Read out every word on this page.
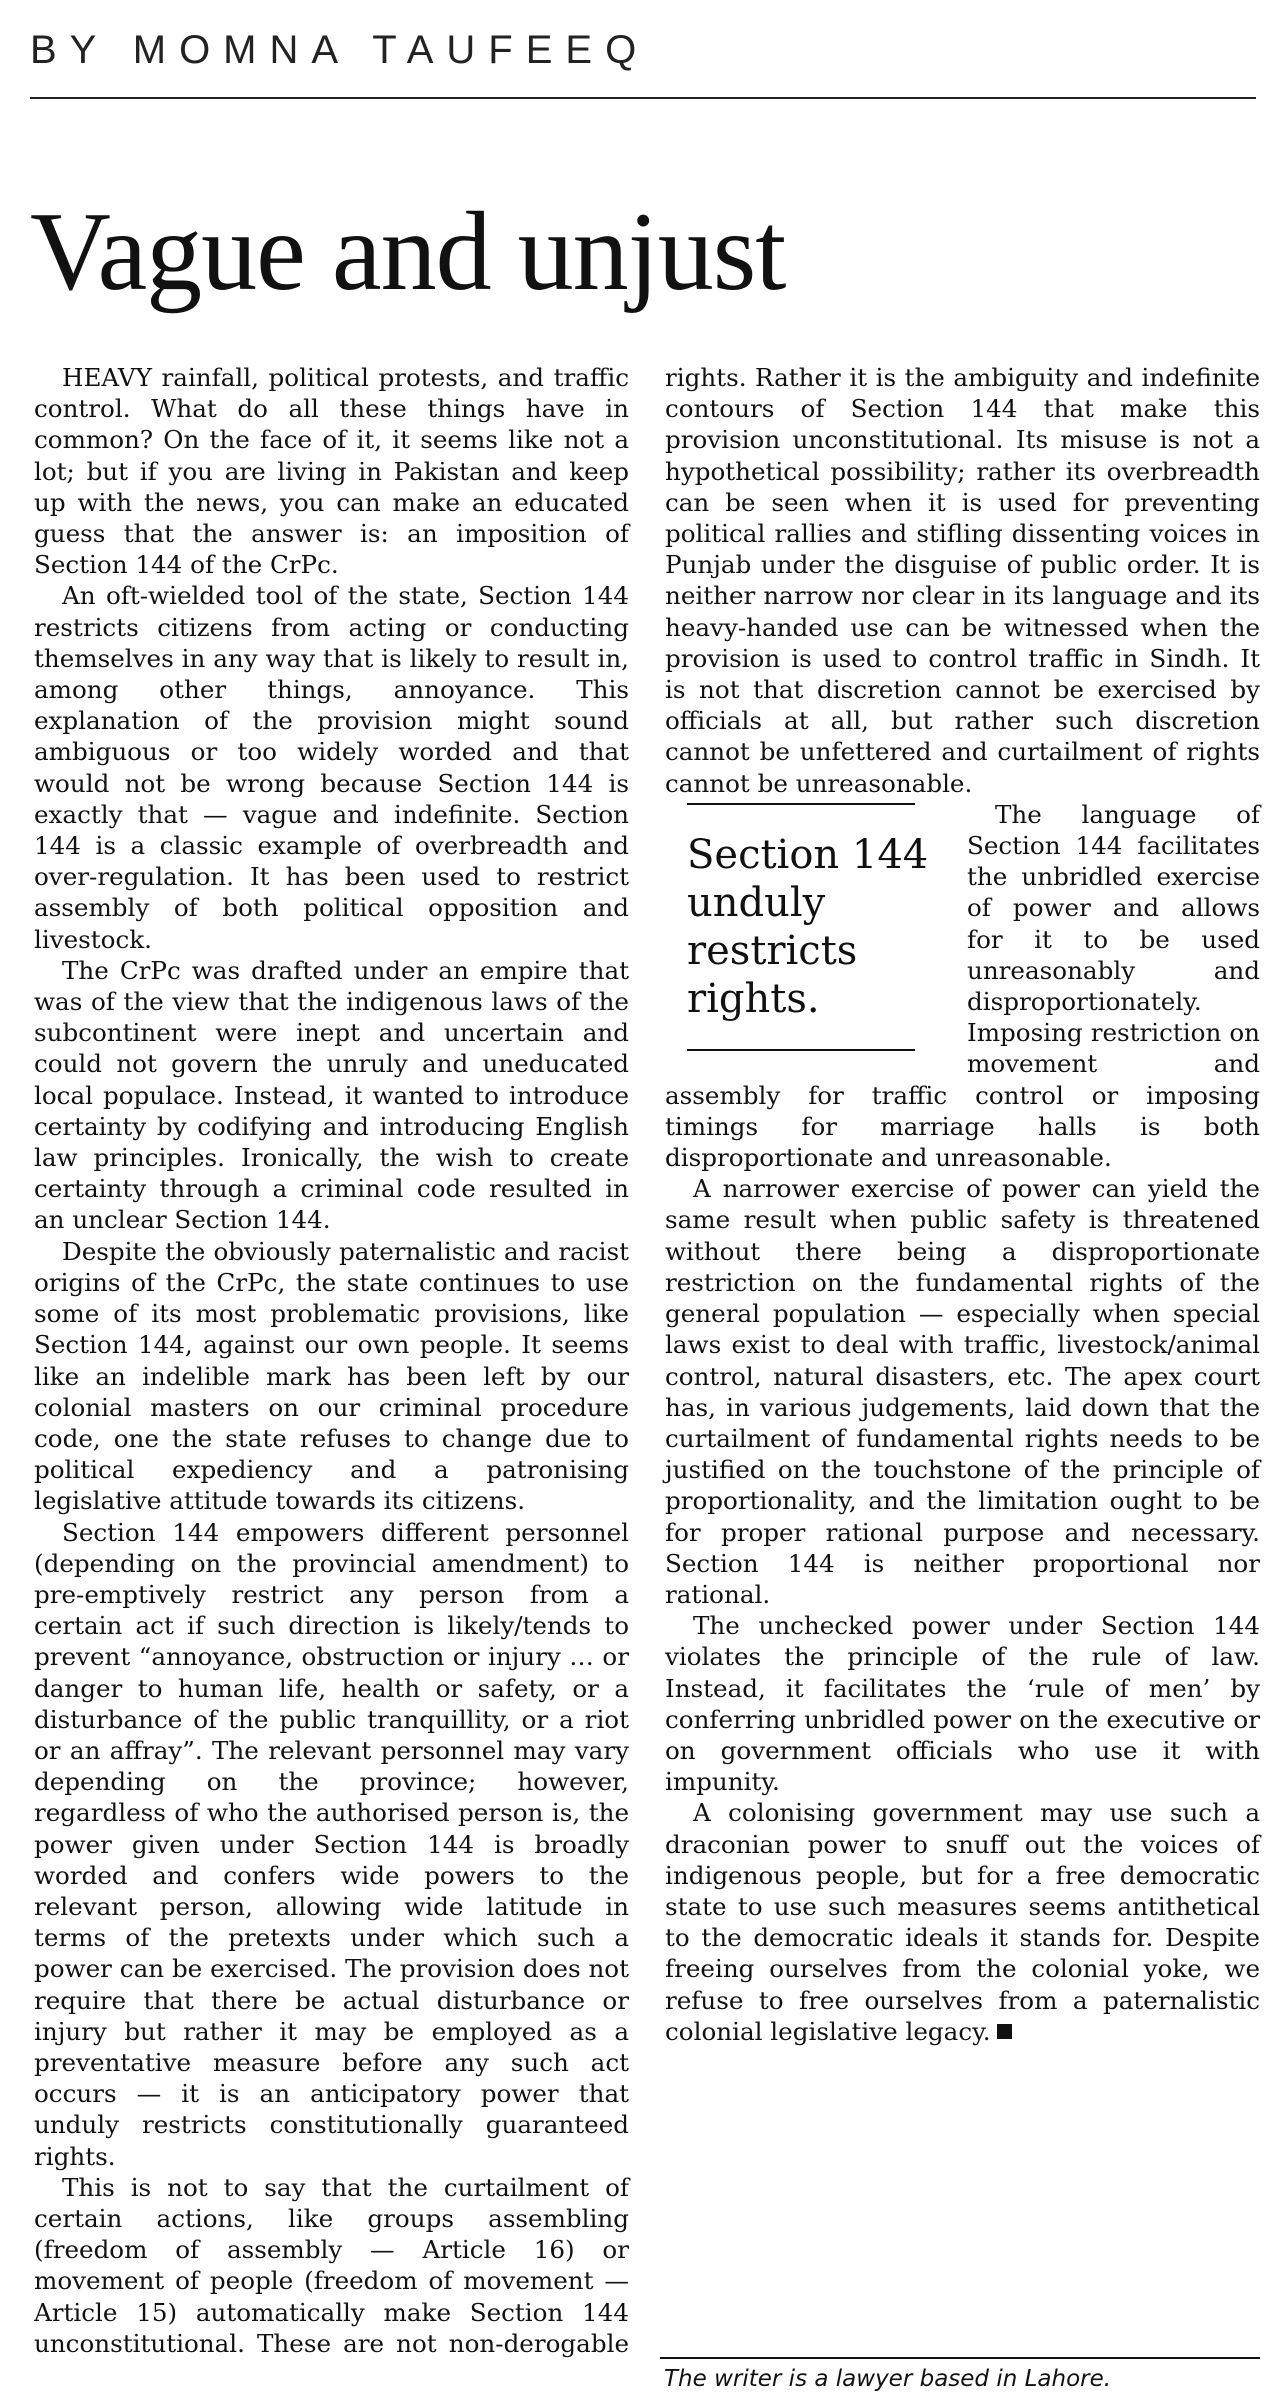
BY MOMNA TAUFEEQ
Vague and unjust

HEAVY rainfall, political protests, and traffic control. What do all these things have in common? On the face of it, it seems like not a lot; but if you are living in Pakistan and keep up with the news, you can make an educated guess that the answer is: an imposition of Section 144 of the CrPc.

An oft-wielded tool of the state, Section 144 restricts citizens from acting or conducting themselves in any way that is likely to result in, among other things, annoyance. This explanation of the provision might sound ambiguous or too widely worded and that would not be wrong because Section 144 is exactly that — vague and indefinite. Section 144 is a classic example of overbreadth and over-regulation. It has been used to restrict assembly of both political opposition and livestock.

The CrPc was drafted under an empire that was of the view that the indigenous laws of the subcontinent were inept and uncertain and could not govern the unruly and uneducated local populace. Instead, it wanted to introduce certainty by codifying and introducing English law principles. Ironically, the wish to create certainty through a criminal code resulted in an unclear Section 144.

Despite the obviously paternalistic and racist origins of the CrPc, the state continues to use some of its most problematic provisions, like Section 144, against our own people. It seems like an indelible mark has been left by our colonial masters on our criminal procedure code, one the state refuses to change due to political expediency and a patronising legislative attitude towards its citizens.

Section 144 empowers different personnel (depending on the provincial amendment) to pre-emptively restrict any person from a certain act if such direction is likely/tends to prevent “annoyance, obstruction or injury … or danger to human life, health or safety, or a disturbance of the public tranquillity, or a riot or an affray”. The relevant personnel may vary depending on the province; however, regardless of who the authorised person is, the power given under Section 144 is broadly worded and confers wide powers to the relevant person, allowing wide latitude in terms of the pretexts under which such a power can be exercised. The provision does not require that there be actual disturbance or injury but rather it may be employed as a preventative measure before any such act occurs — it is an anticipatory power that unduly restricts constitutionally guaranteed rights.

This is not to say that the curtailment of certain actions, like groups assembling (freedom of assembly — Article 16) or movement of people (freedom of movement — Article 15) automatically make Section 144 unconstitutional. These are not non-derogable rights. Rather it is the ambiguity and indefinite contours of Section 144 that make this provision unconstitutional. Its misuse is not a hypothetical possibility; rather its overbreadth can be seen when it is used for preventing political rallies and stifling dissenting voices in Punjab under the disguise of public order. It is neither narrow nor clear in its language and its heavy-handed use can be witnessed when the provision is used to control traffic in Sindh. It is not that discretion cannot be exercised by officials at all, but rather such discretion cannot be unfettered and curtailment of rights cannot be unreasonable.

Section 144 unduly restricts rights.

The language of Section 144 facilitates the unbridled exercise of power and allows for it to be used unreasonably and disproportionately. Imposing restriction on movement and assembly for traffic control or imposing timings for marriage halls is both disproportionate and unreasonable.

A narrower exercise of power can yield the same result when public safety is threatened without there being a disproportionate restriction on the fundamental rights of the general population — especially when special laws exist to deal with traffic, livestock/animal control, natural disasters, etc. The apex court has, in various judgements, laid down that the curtailment of fundamental rights needs to be justified on the touchstone of the principle of proportionality, and the limitation ought to be for proper rational purpose and necessary. Section 144 is neither proportional nor rational.

The unchecked power under Section 144 violates the principle of the rule of law. Instead, it facilitates the ‘rule of men’ by conferring unbridled power on the executive or on government officials who use it with impunity.

A colonising government may use such a draconian power to snuff out the voices of indigenous people, but for a free democratic state to use such measures seems antithetical to the democratic ideals it stands for. Despite freeing ourselves from the colonial yoke, we refuse to free ourselves from a paternalistic colonial legislative legacy.

The writer is a lawyer based in Lahore.
